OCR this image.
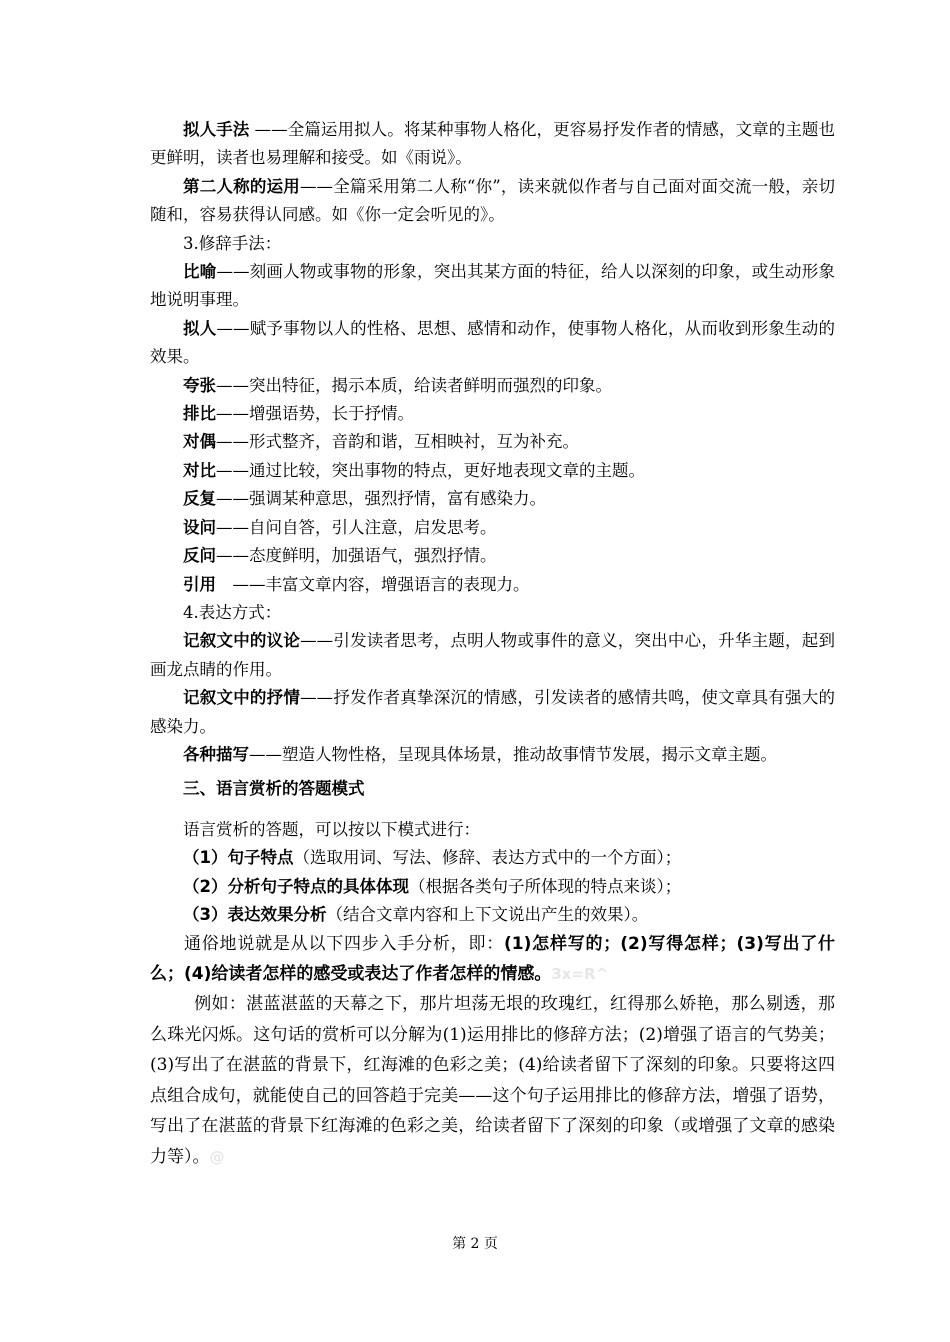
拟人手法 ——全篇运用拟人。将某种事物人格化，更容易抒发作者的情感，文章的主题也更鲜明，读者也易理解和接受。如《雨说》。

第二人称的运用——全篇采用第二人称“你”，读来就似作者与自己面对面交流一般，亲切随和，容易获得认同感。如《你一定会听见的》。

3.修辞手法：

比喻——刻画人物或事物的形象，突出其某方面的特征，给人以深刻的印象，或生动形象地说明事理。

拟人——赋予事物以人的性格、思想、感情和动作，使事物人格化，从而收到形象生动的效果。

夸张——突出特征，揭示本质，给读者鲜明而强烈的印象。

排比——增强语势，长于抒情。

对偶——形式整齐，音韵和谐，互相映衬，互为补充。

对比——通过比较，突出事物的特点，更好地表现文章的主题。

反复——强调某种意思，强烈抒情，富有感染力。

设问——自问自答，引人注意，启发思考。

反问——态度鲜明，加强语气，强烈抒情。

引用　——丰富文章内容，增强语言的表现力。

4.表达方式：

记叙文中的议论——引发读者思考，点明人物或事件的意义，突出中心，升华主题，起到画龙点睛的作用。

记叙文中的抒情——抒发作者真挚深沉的情感，引发读者的感情共鸣，使文章具有强大的感染力。

各种描写——塑造人物性格，呈现具体场景，推动故事情节发展，揭示文章主题。

三、语言赏析的答题模式

语言赏析的答题，可以按以下模式进行：

（1）句子特点（选取用词、写法、修辞、表达方式中的一个方面）；

（2）分析句子特点的具体体现（根据各类句子所体现的特点来谈）；

（3）表达效果分析（结合文章内容和上下文说出产生的效果）。

通俗地说就是从以下四步入手分析，即：(1)怎样写的；(2)写得怎样；(3)写出了什么；(4)给读者怎样的感受或表达了作者怎样的情感。3x=R^

例如：湛蓝湛蓝的天幕之下，那片坦荡无垠的玫瑰红，红得那么娇艳，那么剔透，那么珠光闪烁。这句话的赏析可以分解为(1)运用排比的修辞方法；(2)增强了语言的气势美；(3)写出了在湛蓝的背景下，红海滩的色彩之美；(4)给读者留下了深刻的印象。只要将这四点组合成句，就能使自己的回答趋于完美——这个句子运用排比的修辞方法，增强了语势，写出了在湛蓝的背景下红海滩的色彩之美，给读者留下了深刻的印象（或增强了文章的感染力等）。@

第 2 页
